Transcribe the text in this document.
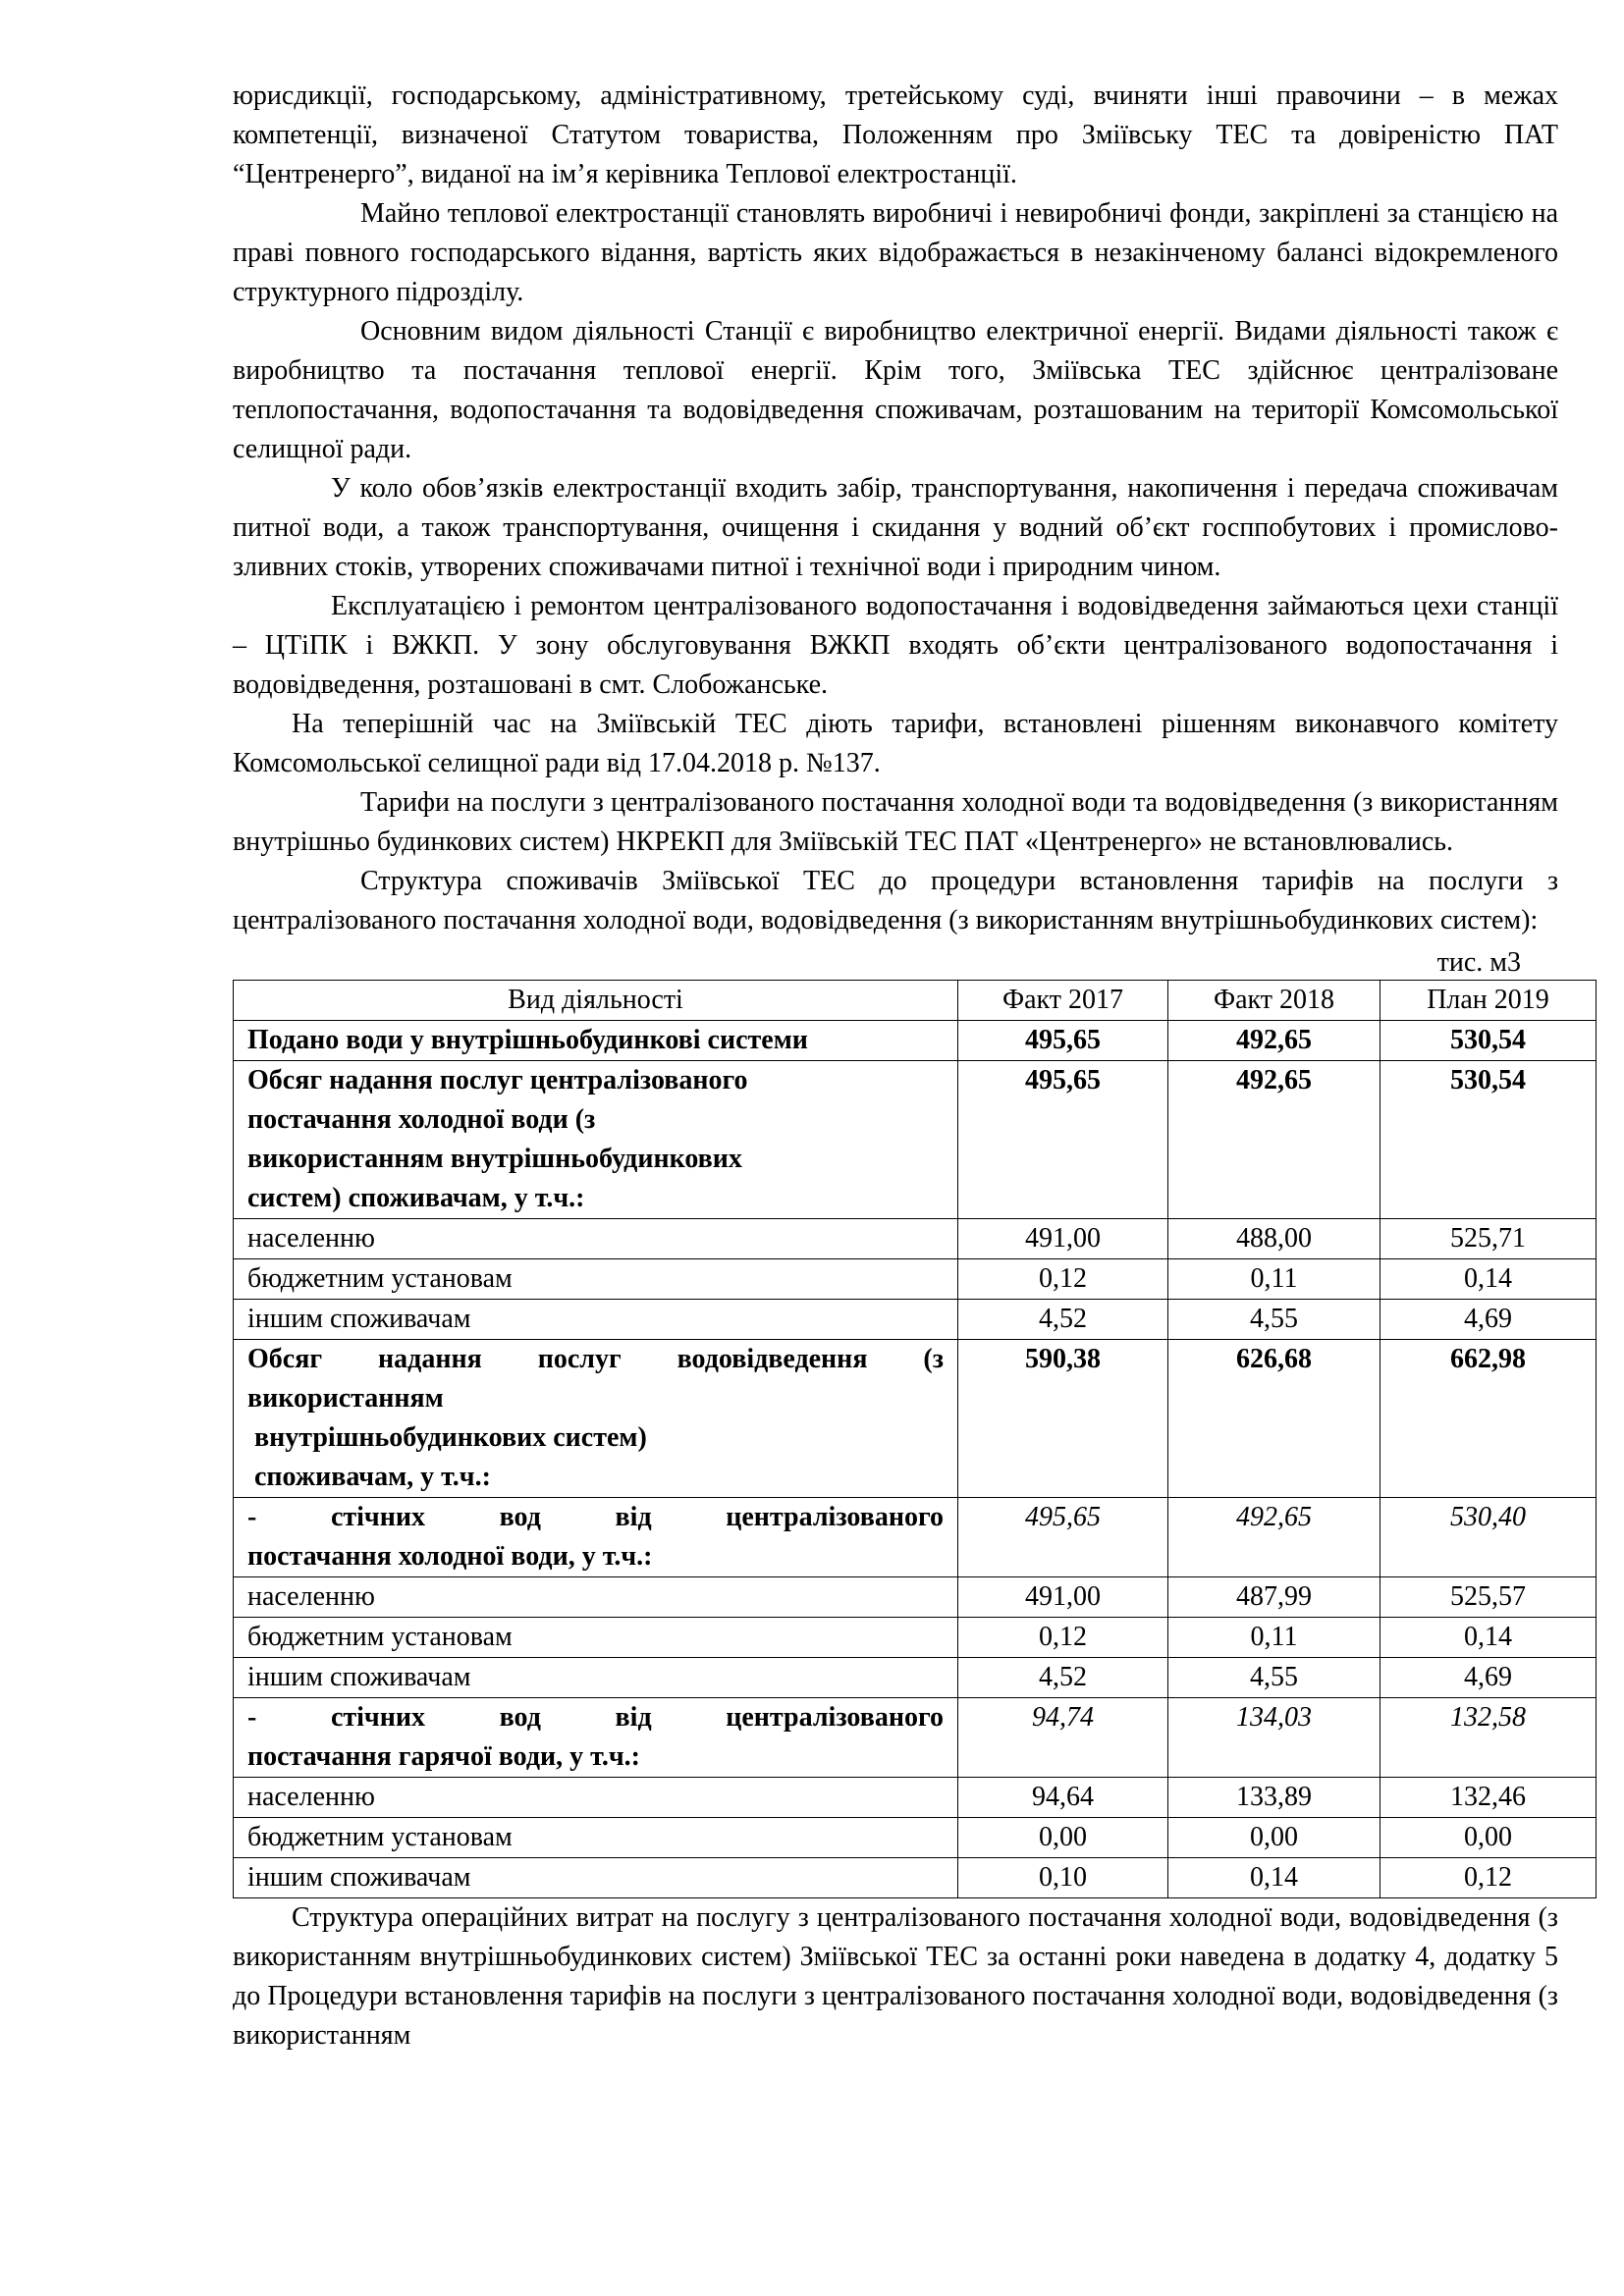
юрисдикції, господарському, адміністративному, третейському суді, вчиняти інші правочини – в межах компетенції, визначеної Статутом товариства, Положенням про Зміївську ТЕС та довіреністю ПАТ “Центренерго”, виданої на ім’я керівника Теплової електростанції.

Майно теплової електростанції становлять виробничі і невиробничі фонди, закріплені за станцією на праві повного господарського відання, вартість яких відображається в незакінченому балансі відокремленого структурного підрозділу.

Основним видом діяльності Станції є виробництво електричної енергії. Видами діяльності також є виробництво та постачання теплової енергії. Крім того, Зміївська ТЕС здійснює централізоване теплопостачання, водопостачання та водовідведення споживачам, розташованим на території Комсомольської селищної ради.

У коло обов’язків електростанції входить забір, транспортування, накопичення і передача споживачам питної води, а також транспортування, очищення і скидання у водний об’єкт госппобутових і промислово-зливних стоків, утворених споживачами питної і технічної води і природним чином.

Експлуатацією і ремонтом централізованого водопостачання і водовідведення займаються цехи станції – ЦТіПК і ВЖКП. У зону обслуговування ВЖКП входять об’єкти централізованого водопостачання і водовідведення, розташовані в смт. Слобожанське.

На теперішній час на Зміївській ТЕС діють тарифи, встановлені рішенням виконавчого комітету Комсомольської селищної ради від 17.04.2018 р. №137.

Тарифи на послуги з централізованого постачання холодної води та водовідведення (з використанням внутрішньо будинкових систем) НКРЕКП для Зміївській ТЕС ПАТ «Центренерго» не встановлювались.

Структура споживачів Зміївської ТЕС до процедури встановлення тарифів на послуги з централізованого постачання холодної води, водовідведення (з використанням внутрішньобудинкових систем):

тис. м3
Вид діяльності	Факт 2017	Факт 2018	План 2019
Подано води у внутрішньобудинкові системи	495,65	492,65	530,54
Обсяг надання послуг централізованого постачання холодної води (з використанням внутрішньобудинкових систем) споживачам, у т.ч.:	495,65	492,65	530,54
населенню	491,00	488,00	525,71
бюджетним установам	0,12	0,11	0,14
іншим споживачам	4,52	4,55	4,69

Обсяг надання послуг водовідведення (з
використанням
внутрішньобудинкових систем)
споживачам, у т.ч.:	590,38	626,68	662,98

- стічних вод від централізованого
постачання холодної води, у т.ч.:	495,65	492,65	530,40
населенню	491,00	487,99	525,57
бюджетним установам	0,12	0,11	0,14
іншим споживачам	4,52	4,55	4,69

- стічних вод від централізованого
постачання гарячої води, у т.ч.:	94,74	134,03	132,58
населенню	94,64	133,89	132,46
бюджетним установам	0,00	0,00	0,00
іншим споживачам	0,10	0,14	0,12

Структура операційних витрат на послугу з централізованого постачання холодної води, водовідведення (з використанням внутрішньобудинкових систем) Зміївської ТЕС за останні роки наведена в додатку 4, додатку 5 до Процедури встановлення тарифів на послуги з централізованого постачання холодної води, водовідведення (з використанням
